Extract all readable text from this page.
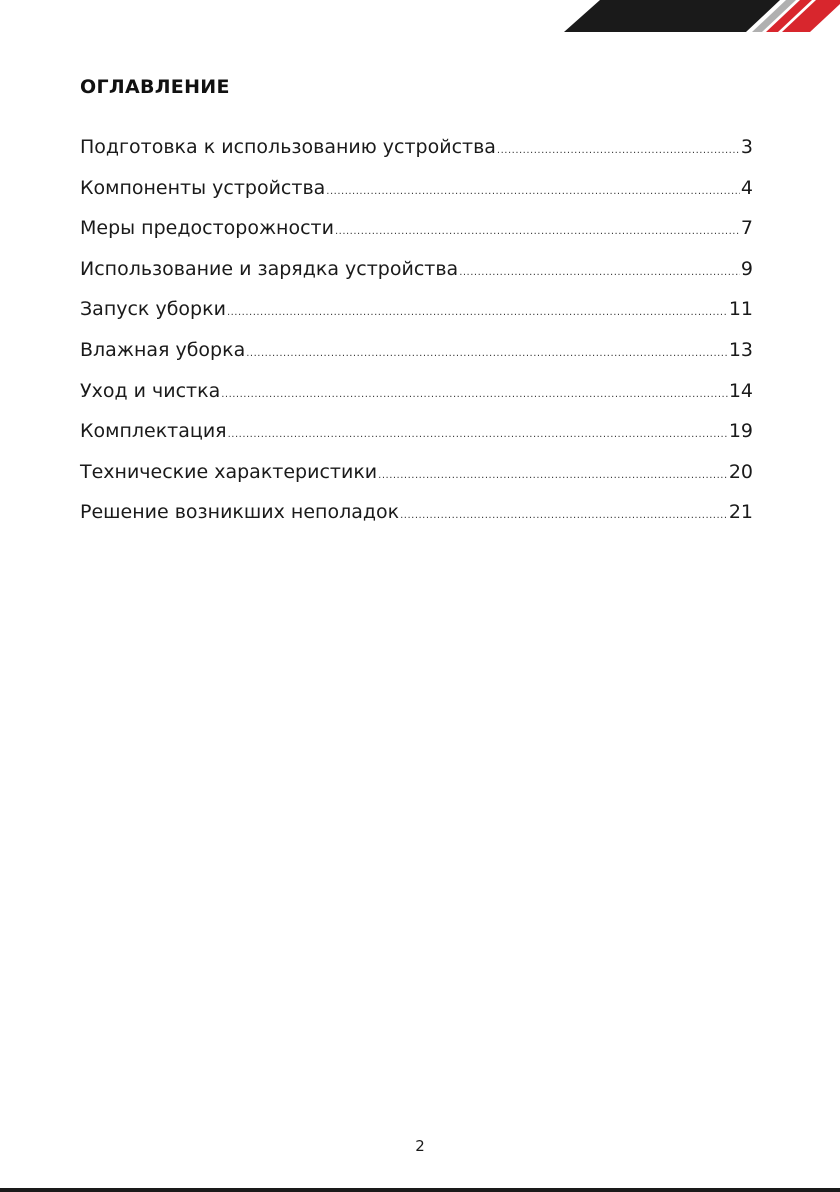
ОГЛАВЛЕНИЕ
Подготовка к использованию устройства .....	3
Компоненты устройства .....	4
Меры предосторожности .....	7
Использование и зарядка устройства .....	9
Запуск уборки .....	11
Влажная уборка .....	13
Уход и чистка .....	14
Комплектация .....	19
Технические характеристики .....	20
Решение возникших неполадок .....	21
2
